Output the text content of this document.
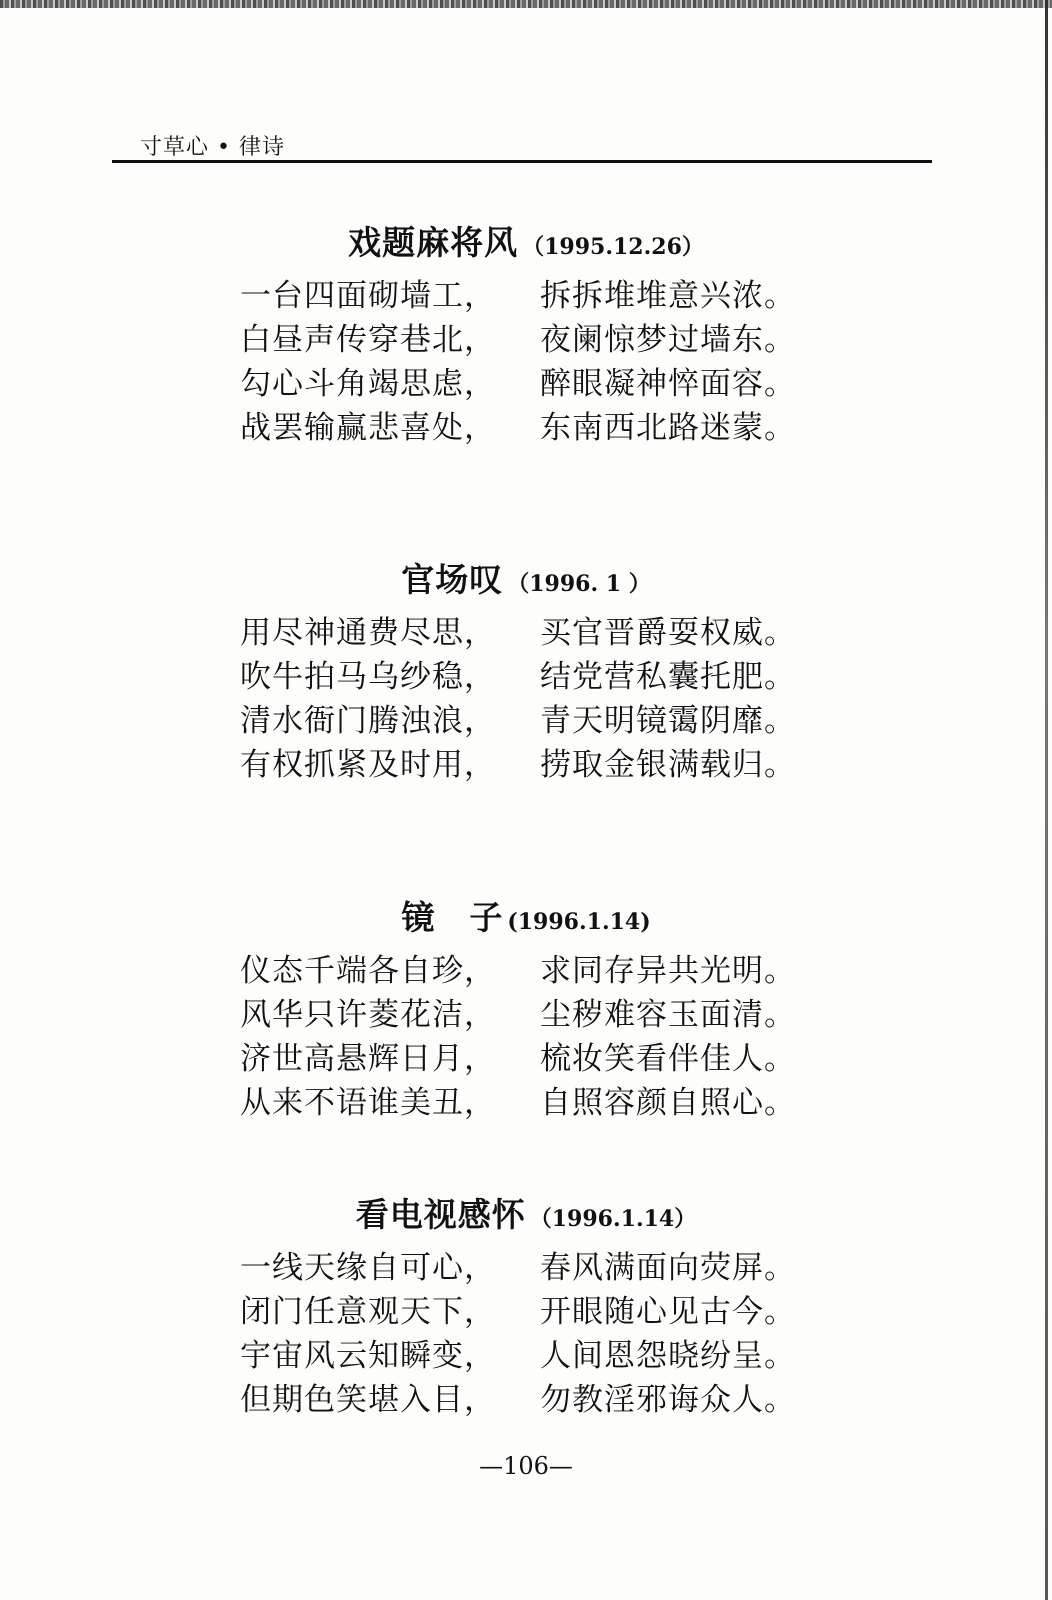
寸草心 • 律诗
戏题麻将风 （1995.12.26）
一台四面砌墙工， 拆拆堆堆意兴浓。
白昼声传穿巷北， 夜阑惊梦过墙东。
勾心斗角竭思虑， 醉眼凝神悴面容。
战罢输赢悲喜处， 东南西北路迷蒙。
官场叹 （1996. 1 ）
用尽神通费尽思， 买官晋爵耍权威。
吹牛拍马乌纱稳， 结党营私囊托肥。
清水衙门腾浊浪， 青天明镜霭阴靡。
有权抓紧及时用， 捞取金银满载归。
镜　子 (1996.1.14)
仪态千端各自珍， 求同存异共光明。
风华只许菱花洁， 尘秽难容玉面清。
济世高悬辉日月， 梳妆笑看伴佳人。
从来不语谁美丑， 自照容颜自照心。
看电视感怀 （1996.1.14）
一线天缘自可心， 春风满面向荧屏。
闭门任意观天下， 开眼随心见古今。
宇宙风云知瞬变， 人间恩怨晓纷呈。
但期色笑堪入目， 勿教淫邪诲众人。
—106—
